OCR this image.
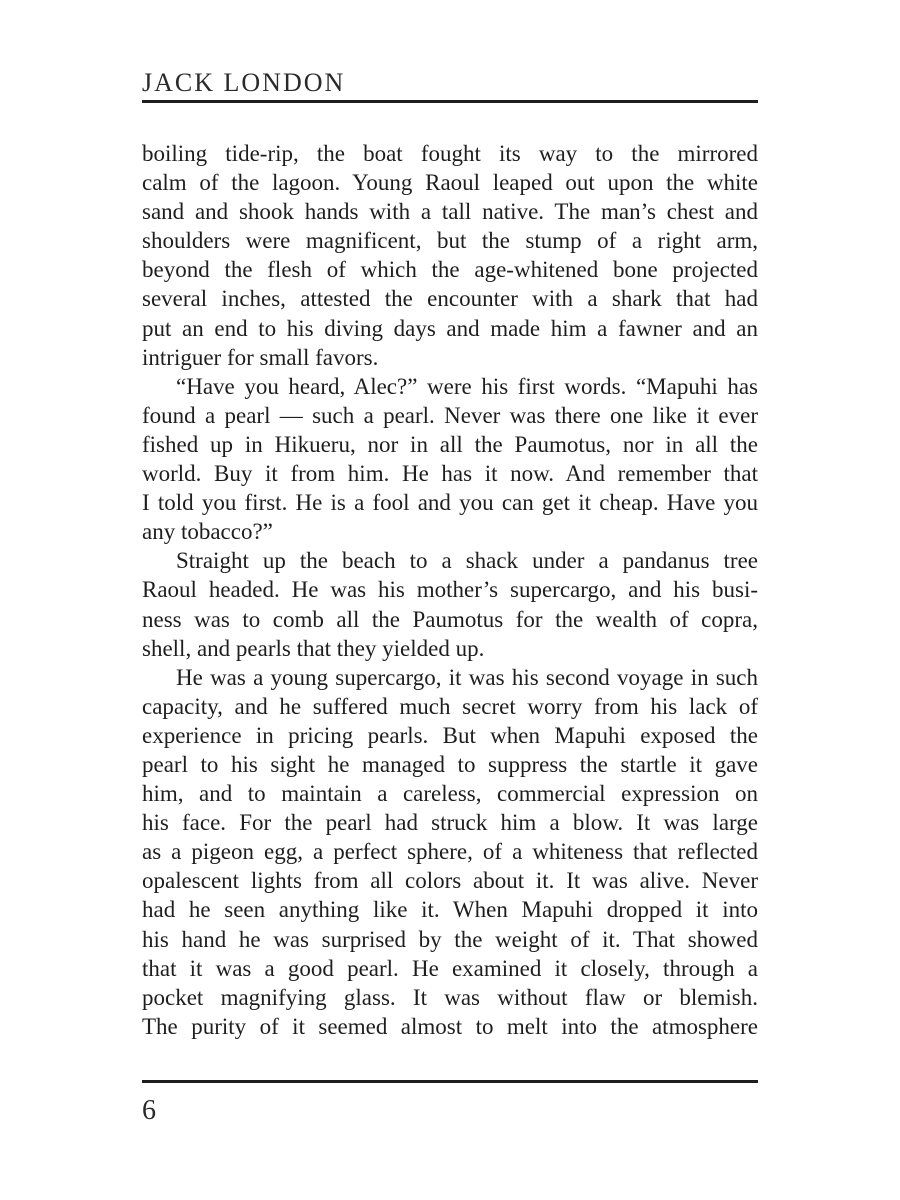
JACK LONDON
boiling tide-rip, the boat fought its way to the mirrored
calm of the lagoon. Young Raoul leaped out upon the white
sand and shook hands with a tall native. The man’s chest and
shoulders were magnificent, but the stump of a right arm,
beyond the flesh of which the age-whitened bone projected
several inches, attested the encounter with a shark that had
put an end to his diving days and made him a fawner and an
intriguer for small favors.
“Have you heard, Alec?” were his first words. “Mapuhi has
found a pearl — such a pearl. Never was there one like it ever
fished up in Hikueru, nor in all the Paumotus, nor in all the
world. Buy it from him. He has it now. And remember that
I told you first. He is a fool and you can get it cheap. Have you
any tobacco?”
Straight up the beach to a shack under a pandanus tree
Raoul headed. He was his mother’s supercargo, and his busi-
ness was to comb all the Paumotus for the wealth of copra,
shell, and pearls that they yielded up.
He was a young supercargo, it was his second voyage in such
capacity, and he suffered much secret worry from his lack of
experience in pricing pearls. But when Mapuhi exposed the
pearl to his sight he managed to suppress the startle it gave
him, and to maintain a careless, commercial expression on
his face. For the pearl had struck him a blow. It was large
as a pigeon egg, a perfect sphere, of a whiteness that reflected
opalescent lights from all colors about it. It was alive. Never
had he seen anything like it. When Mapuhi dropped it into
his hand he was surprised by the weight of it. That showed
that it was a good pearl. He examined it closely, through a
pocket magnifying glass. It was without flaw or blemish.
The purity of it seemed almost to melt into the atmosphere
6
